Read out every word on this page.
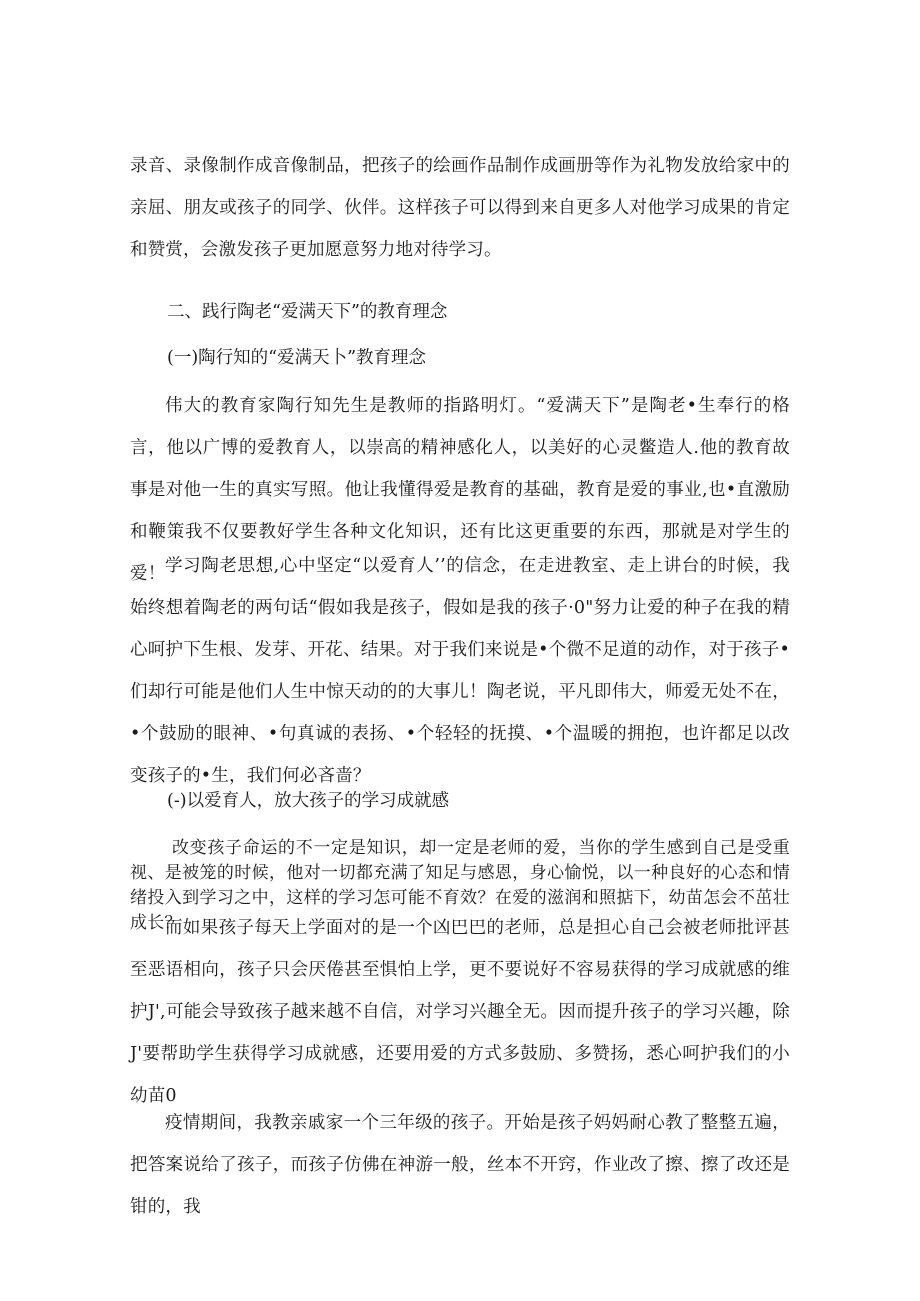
录音、录像制作成音像制品，把孩子的绘画作品制作成画册等作为礼物发放给家中的亲屈、朋友或孩子的同学、伙伴。这样孩子可以得到来自更多人对他学习成果的肯定和赞赏，会激发孩子更加愿意努力地对待学习。

二、践行陶老“爱满天下”的教育理念

(一)陶行知的“爱满天卜”教育理念

伟大的教育家陶行知先生是教师的指路明灯。“爱满天下”是陶老•生奉行的格言，他以广博的爱教育人，以崇高的精神感化人，以美好的心灵鳖造人.他的教育故事是对他一生的真实写照。他让我懂得爱是教育的基础，教育是爱的事业,也•直激励和鞭策我不仅要教好学生各种文化知识，还有比这更重要的东西，那就是对学生的爱！ 学习陶老思想,心中坚定“以爱育人’’的信念，在走进教室、走上讲台的时候，我始终想着陶老的两句话“假如我是孩子，假如是我的孩子·0"努力让爱的种子在我的精心呵护下生根、发芽、开花、结果。对于我们来说是•个微不足道的动作，对于孩子•们却行可能是他们人生中惊天动的的大事儿！陶老说，平凡即伟大，师爱无处不在，•个鼓励的眼神、•句真诚的表扬、•个轻轻的抚摸、•个温暖的拥抱，也许都足以改变孩子的•生，我们何必吝啬？

(-)以爱育人，放大孩子的学习成就感

改变孩子命运的不一定是知识，却一定是老师的爱，当你的学生感到自己是受重视、是被笼的时候，他对一切都充满了知足与感恩，身心愉悦，以一种良好的心态和情绪投入到学习之中，这样的学习怎可能不育效？在爱的滋润和照掂下，幼苗怎会不茁壮成长？

而如果孩子每天上学面对的是一个凶巴巴的老师，总是担心自己会被老师批评甚至恶语相向，孩子只会厌倦甚至惧怕上学，更不要说好不容易获得的学习成就感的维护J',可能会导致孩子越来越不自信，对学习兴趣全无。因而提升孩子的学习兴趣，除J'要帮助学生获得学习成就感，还要用爱的方式多鼓励、多赞扬，悉心呵护我们的小幼苗0

疫情期间，我教亲戚家一个三年级的孩子。开始是孩子妈妈耐心教了整整五遍，把答案说给了孩子，而孩子仿佛在神游一般，丝本不开窍，作业改了擦、擦了改还是钳的，我
